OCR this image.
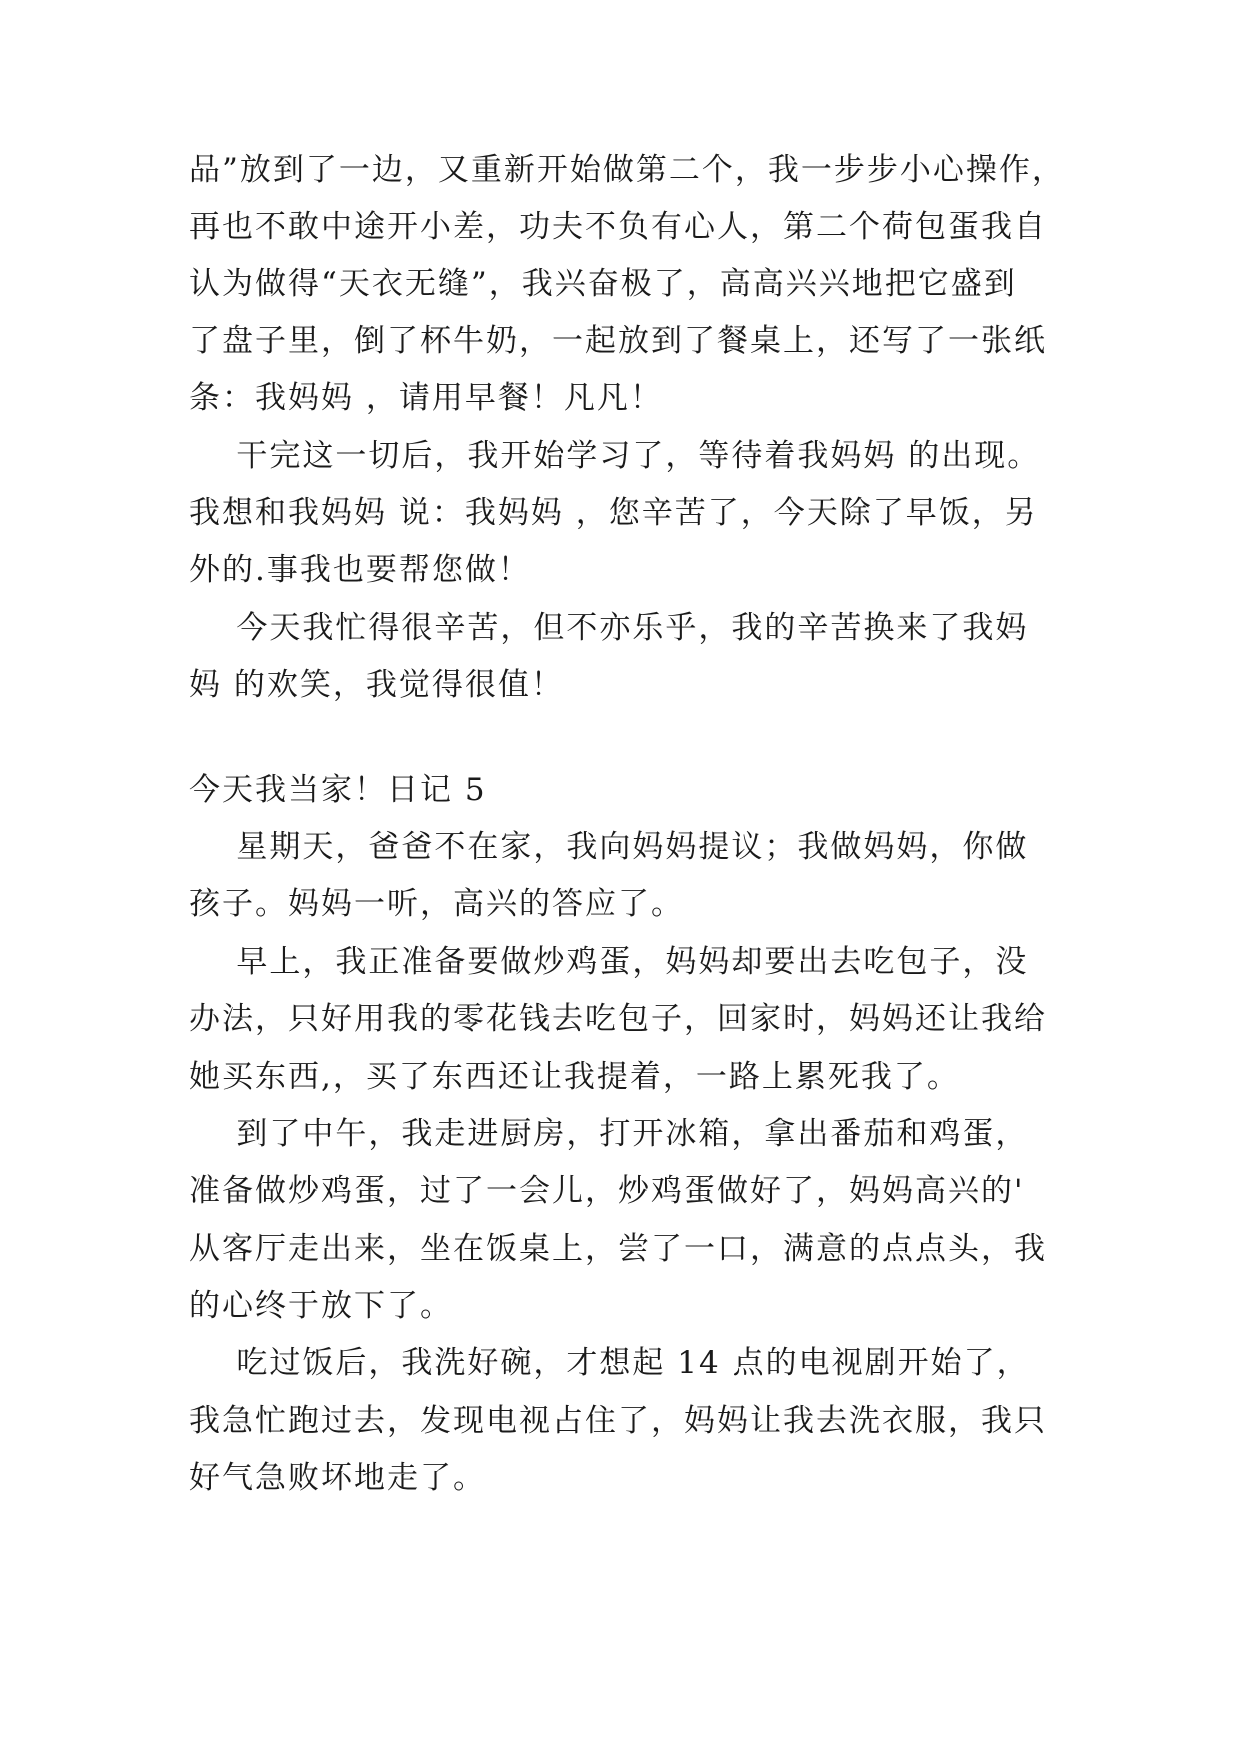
品”放到了一边，又重新开始做第二个，我一步步小心操作，
再也不敢中途开小差，功夫不负有心人，第二个荷包蛋我自
认为做得“天衣无缝”，我兴奋极了，高高兴兴地把它盛到
了盘子里，倒了杯牛奶，一起放到了餐桌上，还写了一张纸
条：我妈妈 ，请用早餐！凡凡！
干完这一切后，我开始学习了，等待着我妈妈 的出现。
我想和我妈妈 说：我妈妈 ，您辛苦了，今天除了早饭，另
外的.事我也要帮您做！
今天我忙得很辛苦，但不亦乐乎，我的辛苦换来了我妈
妈 的欢笑，我觉得很值！
今天我当家！日记 5
星期天，爸爸不在家，我向妈妈提议；我做妈妈，你做
孩子。妈妈一听，高兴的答应了。
早上，我正准备要做炒鸡蛋，妈妈却要出去吃包子，没
办法，只好用我的零花钱去吃包子，回家时，妈妈还让我给
她买东西,，买了东西还让我提着，一路上累死我了。
到了中午，我走进厨房，打开冰箱，拿出番茄和鸡蛋，
准备做炒鸡蛋，过了一会儿，炒鸡蛋做好了，妈妈高兴的'
从客厅走出来，坐在饭桌上，尝了一口，满意的点点头，我
的心终于放下了。
吃过饭后，我洗好碗，才想起 14 点的电视剧开始了，
我急忙跑过去，发现电视占住了，妈妈让我去洗衣服，我只
好气急败坏地走了。
